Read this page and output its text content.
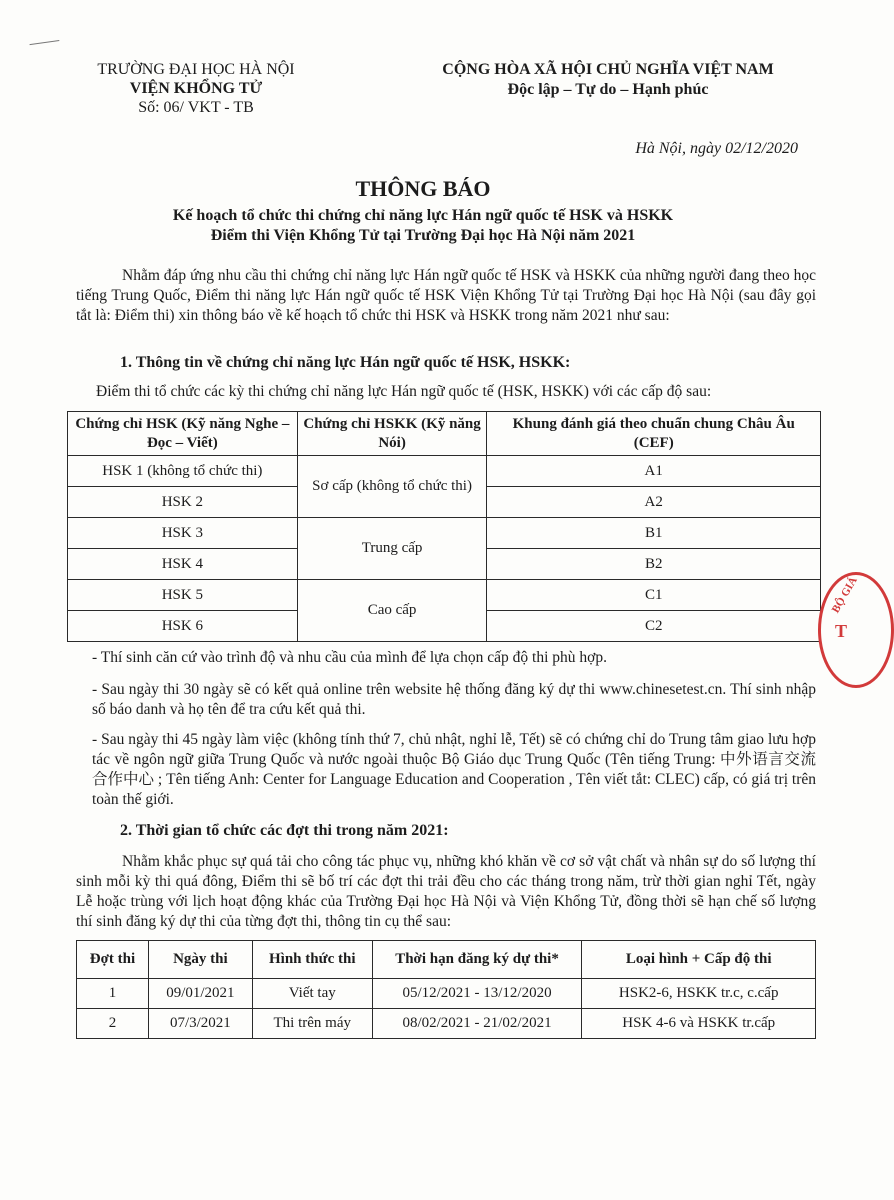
TRƯỜNG ĐẠI HỌC HÀ NỘI
VIỆN KHỔNG TỬ
Số: 06/ VKT - TB
CỘNG HÒA XÃ HỘI CHỦ NGHĨA VIỆT NAM
Độc lập – Tự do – Hạnh phúc
Hà Nội, ngày 02/12/2020
THÔNG BÁO
Kế hoạch tổ chức thi chứng chỉ năng lực Hán ngữ quốc tế HSK và HSKK
Điểm thi Viện Khổng Tử tại Trường Đại học Hà Nội năm 2021
Nhằm đáp ứng nhu cầu thi chứng chỉ năng lực Hán ngữ quốc tế HSK và HSKK của những người đang theo học tiếng Trung Quốc, Điểm thi năng lực Hán ngữ quốc tế HSK Viện Khổng Tử tại Trường Đại học Hà Nội (sau đây gọi tắt là: Điểm thi) xin thông báo về kế hoạch tổ chức thi HSK và HSKK trong năm 2021 như sau:
1. Thông tin về chứng chỉ năng lực Hán ngữ quốc tế HSK, HSKK:
Điểm thi tổ chức các kỳ thi chứng chỉ năng lực Hán ngữ quốc tế (HSK, HSKK) với các cấp độ sau:
Chứng chỉ HSK (Kỹ năng Nghe – Đọc – Viết)	Chứng chỉ HSKK (Kỹ năng Nói)	Khung đánh giá theo chuẩn chung Châu Âu (CEF)
HSK 1 (không tổ chức thi)	Sơ cấp (không tổ chức thi)	A1
HSK 2		A2
HSK 3	Trung cấp	B1
HSK 4		B2
HSK 5	Cao cấp	C1
HSK 6		C2
- Thí sinh căn cứ vào trình độ và nhu cầu của mình để lựa chọn cấp độ thi phù hợp.
- Sau ngày thi 30 ngày sẽ có kết quả online trên website hệ thống đăng ký dự thi www.chinesetest.cn. Thí sinh nhập số báo danh và họ tên để tra cứu kết quả thi.
- Sau ngày thi 45 ngày làm việc (không tính thứ 7, chủ nhật, nghỉ lễ, Tết) sẽ có chứng chỉ do Trung tâm giao lưu hợp tác về ngôn ngữ giữa Trung Quốc và nước ngoài thuộc Bộ Giáo dục Trung Quốc (Tên tiếng Trung: 中外语言交流合作中心 ; Tên tiếng Anh: Center for Language Education and Cooperation , Tên viết tắt: CLEC) cấp, có giá trị trên toàn thế giới.
2. Thời gian tổ chức các đợt thi trong năm 2021:
Nhằm khắc phục sự quá tải cho công tác phục vụ, những khó khăn về cơ sở vật chất và nhân sự do số lượng thí sinh mỗi kỳ thi quá đông, Điểm thi sẽ bố trí các đợt thi trải đều cho các tháng trong năm, trừ thời gian nghỉ Tết, ngày Lễ hoặc trùng với lịch hoạt động khác của Trường Đại học Hà Nội và Viện Khổng Tử, đồng thời sẽ hạn chế số lượng thí sinh đăng ký dự thi của từng đợt thi, thông tin cụ thể sau:
Đợt thi	Ngày thi	Hình thức thi	Thời hạn đăng ký dự thi*	Loại hình + Cấp độ thi
1	09/01/2021	Viết tay	05/12/2021 - 13/12/2020	HSK2-6, HSKK tr.c, c.cấp
2	07/3/2021	Thi trên máy	08/02/2021 - 21/02/2021	HSK 4-6 và HSKK tr.cấp
BỘ GIÁ
T
